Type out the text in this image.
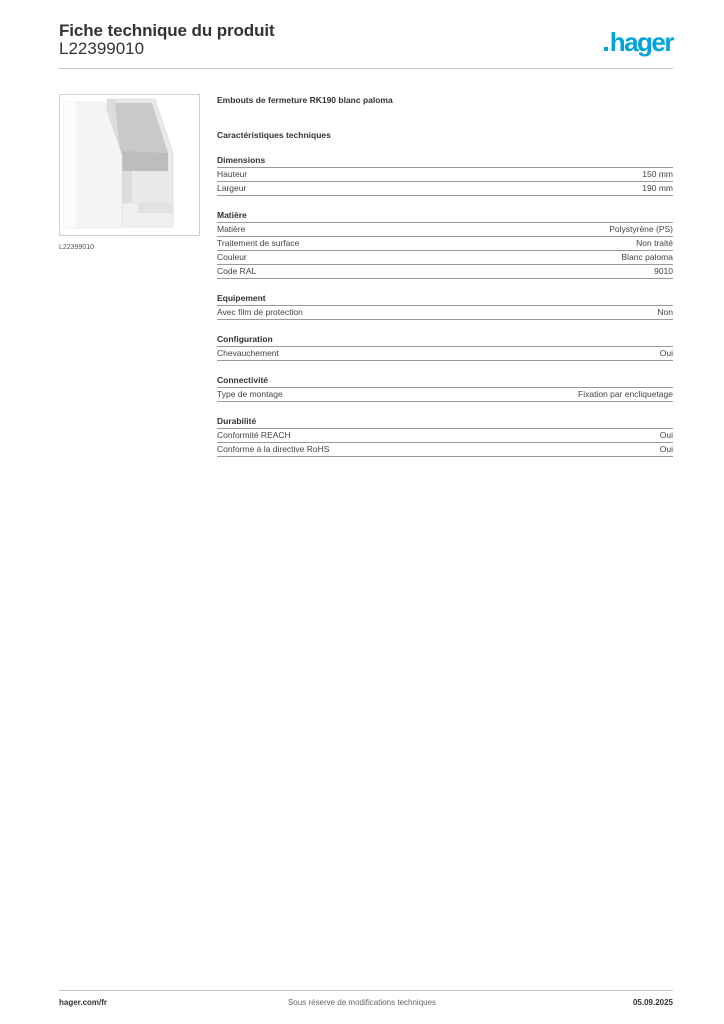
Fiche technique du produit
L22399010	hager
L22399010
Embouts de fermeture RK190 blanc paloma
Caractéristiques techniques
Dimensions
Hauteur	150 mm
Largeur	190 mm
Matière
Matière	Polystyrène (PS)
Traitement de surface	Non traité
Couleur	Blanc paloma
Code RAL	9010
Equipement
Avec film de protection	Non
Configuration
Chevauchement	Oui
Connectivité
Type de montage	Fixation par encliquetage
Durabilité
Conformité REACH	Oui
Conforme à la directive RoHS	Oui
hager.com/fr	Sous réserve de modifications techniques	05.09.2025
